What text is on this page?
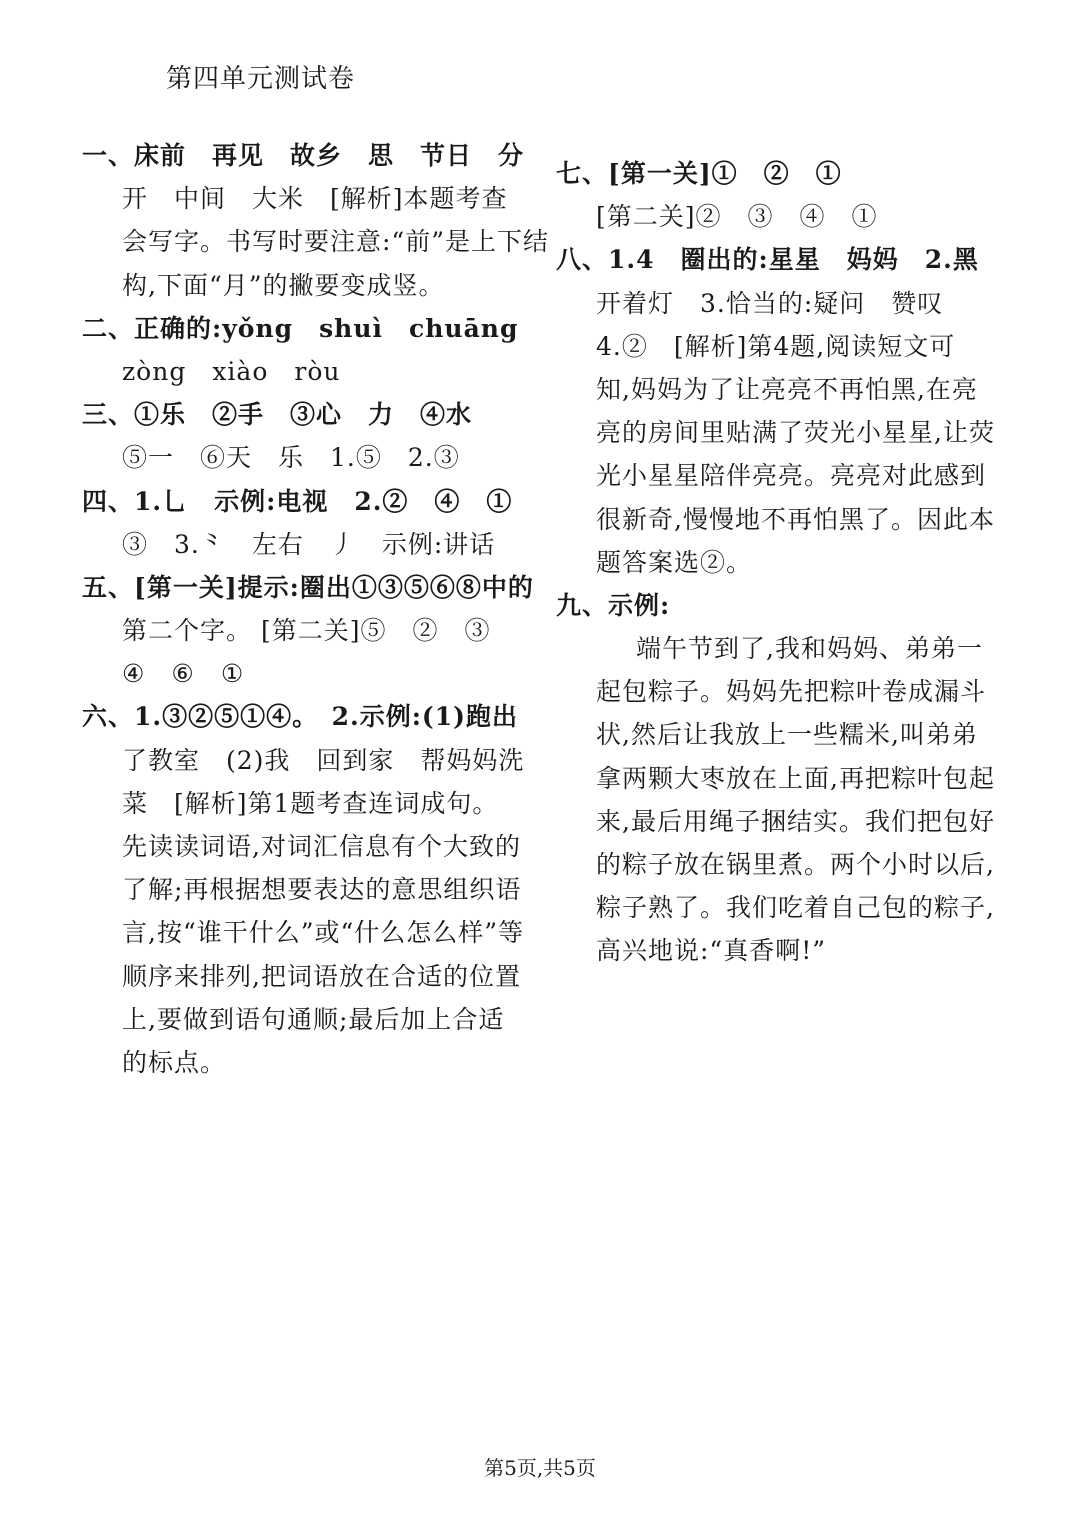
第四单元测试卷
一、床前　再见　故乡　思　节日　分
开　中间　大米　[解析]本题考查
会写字。书写时要注意:“前”是上下结
构,下面“月”的撇要变成竖。
二、正确的:yǒng　shuì　chuāng
zòng　xiào　ròu
三、①乐　②手　③心　力　④水
⑤一　⑥天　乐　1.⑤　2.③
四、1.乚　示例:电视　2.②　④　①
③　3.⺀　左右　丿　示例:讲话
五、[第一关]提示:圈出①③⑤⑥⑧中的
第二个字。 [第二关]⑤　②　③
④　⑥　①
六、1.③②⑤①④。　2.示例:(1)跑出
了教室　(2)我　回到家　帮妈妈洗
菜　[解析]第1题考查连词成句。
先读读词语,对词汇信息有个大致的
了解;再根据想要表达的意思组织语
言,按“谁干什么”或“什么怎么样”等
顺序来排列,把词语放在合适的位置
上,要做到语句通顺;最后加上合适
的标点。
七、[第一关]①　②　①
[第二关]②　③　④　①
八、1.4　圈出的:星星　妈妈　2.黑
开着灯　3.恰当的:疑问　赞叹
4.②　[解析]第4题,阅读短文可
知,妈妈为了让亮亮不再怕黑,在亮
亮的房间里贴满了荧光小星星,让荧
光小星星陪伴亮亮。亮亮对此感到
很新奇,慢慢地不再怕黑了。因此本
题答案选②。
九、示例:
端午节到了,我和妈妈、弟弟一
起包粽子。妈妈先把粽叶卷成漏斗
状,然后让我放上一些糯米,叫弟弟
拿两颗大枣放在上面,再把粽叶包起
来,最后用绳子捆结实。我们把包好
的粽子放在锅里煮。两个小时以后,
粽子熟了。我们吃着自己包的粽子,
高兴地说:“真香啊!”
第5页,共5页
